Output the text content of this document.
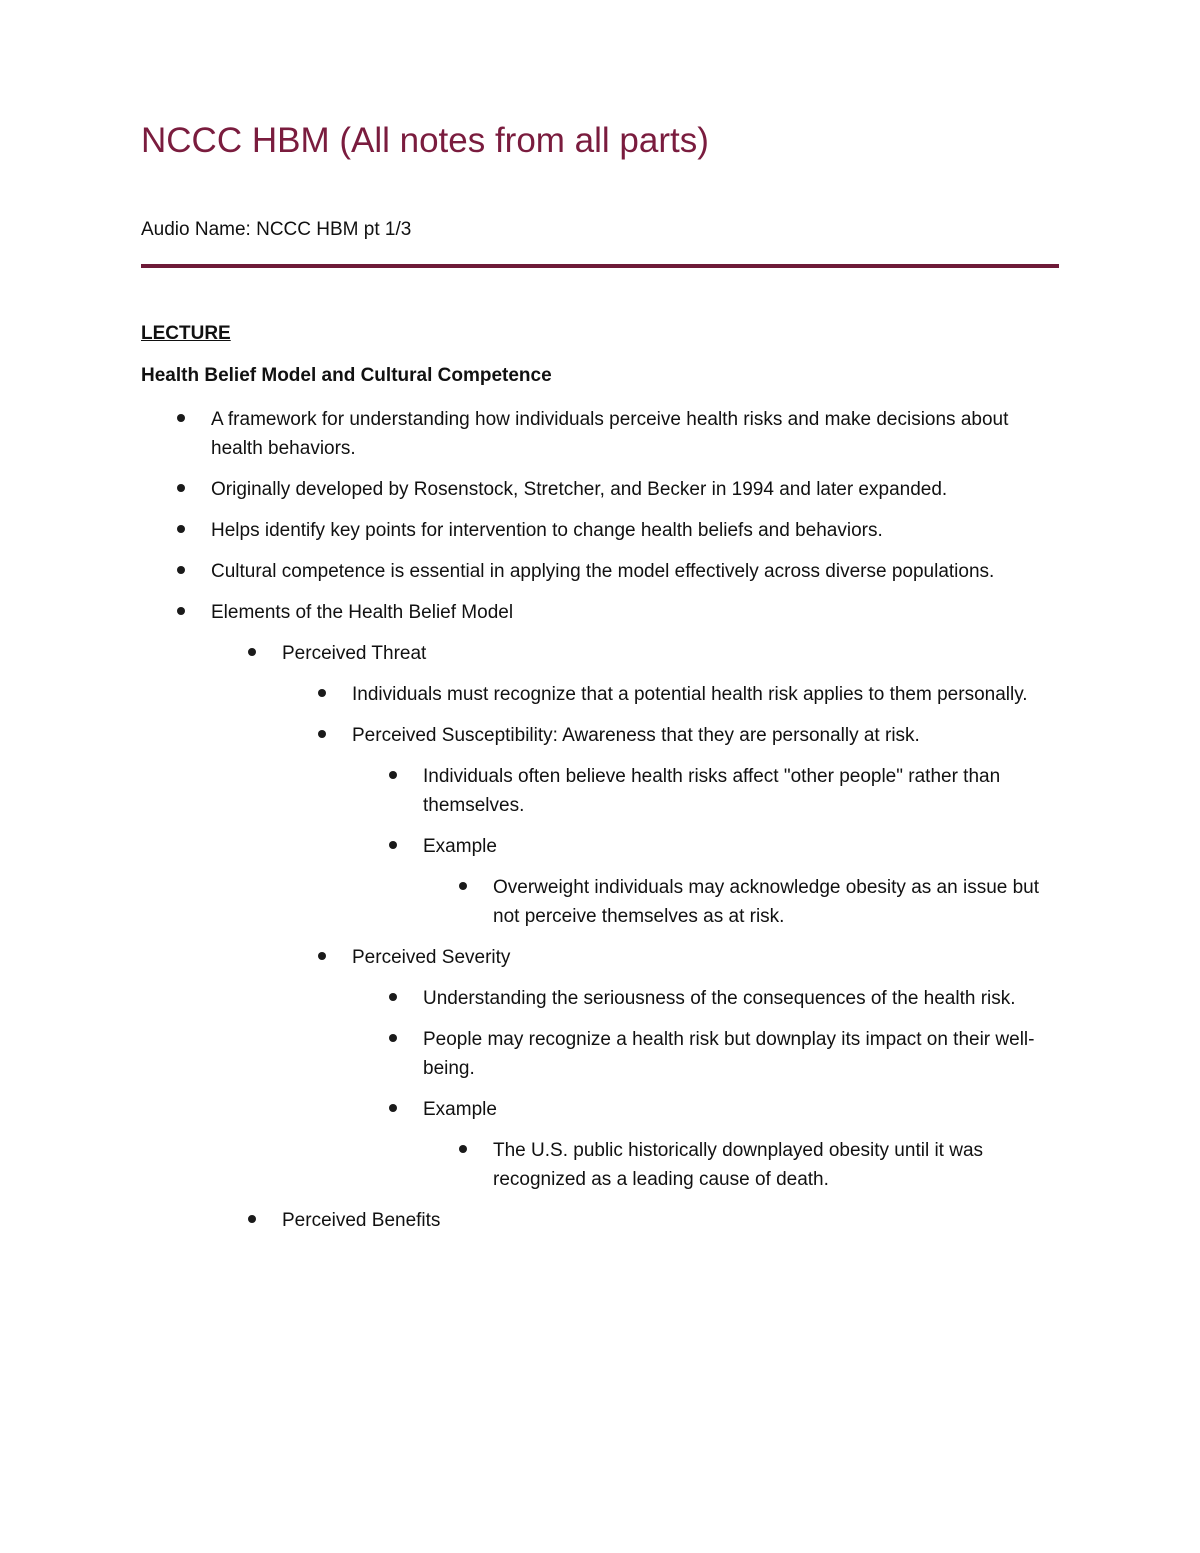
NCCC HBM (All notes from all parts)
Audio Name: NCCC HBM pt 1/3
LECTURE
Health Belief Model and Cultural Competence
A framework for understanding how individuals perceive health risks and make decisions about health behaviors.
Originally developed by Rosenstock, Stretcher, and Becker in 1994 and later expanded.
Helps identify key points for intervention to change health beliefs and behaviors.
Cultural competence is essential in applying the model effectively across diverse populations.
Elements of the Health Belief Model
Perceived Threat
Individuals must recognize that a potential health risk applies to them personally.
Perceived Susceptibility: Awareness that they are personally at risk.
Individuals often believe health risks affect "other people" rather than themselves.
Example
Overweight individuals may acknowledge obesity as an issue but not perceive themselves as at risk.
Perceived Severity
Understanding the seriousness of the consequences of the health risk.
People may recognize a health risk but downplay its impact on their well-being.
Example
The U.S. public historically downplayed obesity until it was recognized as a leading cause of death.
Perceived Benefits
